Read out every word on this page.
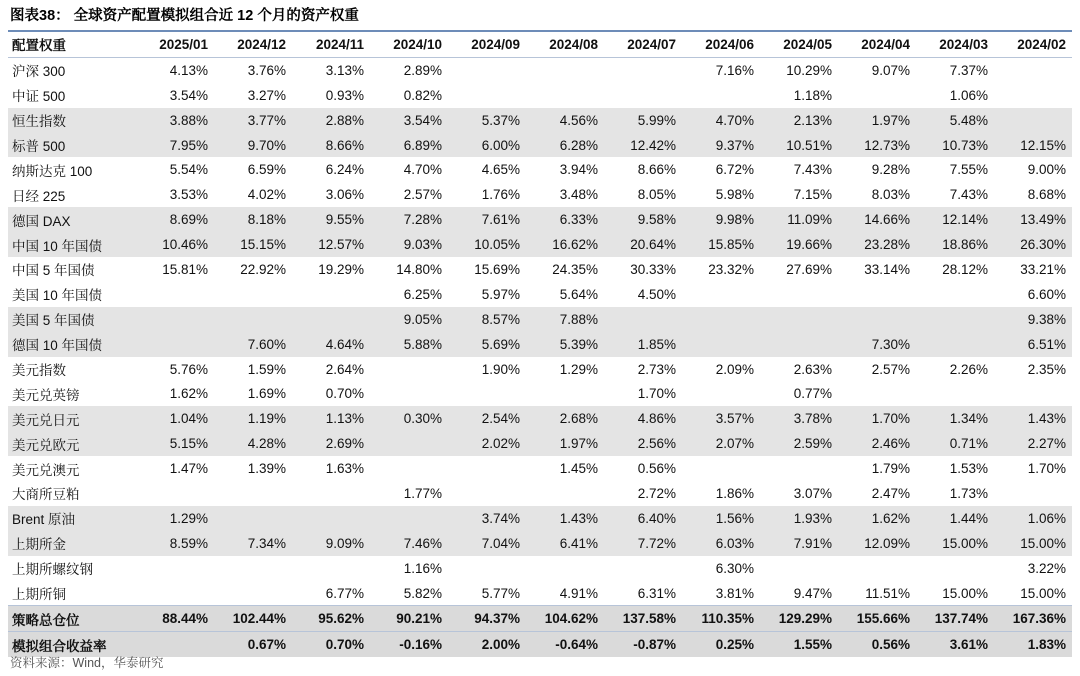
图表38： 全球资产配置模拟组合近 12 个月的资产权重
配置权重	2025/01	2024/12	2024/11	2024/10	2024/09	2024/08	2024/07	2024/06	2024/05	2024/04	2024/03	2024/02
沪深 300	4.13%	3.76%	3.13%	2.89%				7.16%	10.29%	9.07%	7.37%	
中证 500	3.54%	3.27%	0.93%	0.82%					1.18%		1.06%	
恒生指数	3.88%	3.77%	2.88%	3.54%	5.37%	4.56%	5.99%	4.70%	2.13%	1.97%	5.48%	
标普 500	7.95%	9.70%	8.66%	6.89%	6.00%	6.28%	12.42%	9.37%	10.51%	12.73%	10.73%	12.15%
纳斯达克 100	5.54%	6.59%	6.24%	4.70%	4.65%	3.94%	8.66%	6.72%	7.43%	9.28%	7.55%	9.00%
日经 225	3.53%	4.02%	3.06%	2.57%	1.76%	3.48%	8.05%	5.98%	7.15%	8.03%	7.43%	8.68%
德国 DAX	8.69%	8.18%	9.55%	7.28%	7.61%	6.33%	9.58%	9.98%	11.09%	14.66%	12.14%	13.49%
中国 10 年国债	10.46%	15.15%	12.57%	9.03%	10.05%	16.62%	20.64%	15.85%	19.66%	23.28%	18.86%	26.30%
中国 5 年国债	15.81%	22.92%	19.29%	14.80%	15.69%	24.35%	30.33%	23.32%	27.69%	33.14%	28.12%	33.21%
美国 10 年国债				6.25%	5.97%	5.64%	4.50%					6.60%
美国 5 年国债				9.05%	8.57%	7.88%						9.38%
德国 10 年国债		7.60%	4.64%	5.88%	5.69%	5.39%	1.85%			7.30%		6.51%
美元指数	5.76%	1.59%	2.64%		1.90%	1.29%	2.73%	2.09%	2.63%	2.57%	2.26%	2.35%
美元兑英镑	1.62%	1.69%	0.70%				1.70%		0.77%			
美元兑日元	1.04%	1.19%	1.13%	0.30%	2.54%	2.68%	4.86%	3.57%	3.78%	1.70%	1.34%	1.43%
美元兑欧元	5.15%	4.28%	2.69%		2.02%	1.97%	2.56%	2.07%	2.59%	2.46%	0.71%	2.27%
美元兑澳元	1.47%	1.39%	1.63%			1.45%	0.56%			1.79%	1.53%	1.70%
大商所豆粕				1.77%			2.72%	1.86%	3.07%	2.47%	1.73%	
Brent 原油	1.29%				3.74%	1.43%	6.40%	1.56%	1.93%	1.62%	1.44%	1.06%
上期所金	8.59%	7.34%	9.09%	7.46%	7.04%	6.41%	7.72%	6.03%	7.91%	12.09%	15.00%	15.00%
上期所螺纹钢				1.16%				6.30%				3.22%
上期所铜			6.77%	5.82%	5.77%	4.91%	6.31%	3.81%	9.47%	11.51%	15.00%	15.00%
策略总仓位	88.44%	102.44%	95.62%	90.21%	94.37%	104.62%	137.58%	110.35%	129.29%	155.66%	137.74%	167.36%
模拟组合收益率		0.67%	0.70%	-0.16%	2.00%	-0.64%	-0.87%	0.25%	1.55%	0.56%	3.61%	1.83%
资料来源：Wind，华泰研究
